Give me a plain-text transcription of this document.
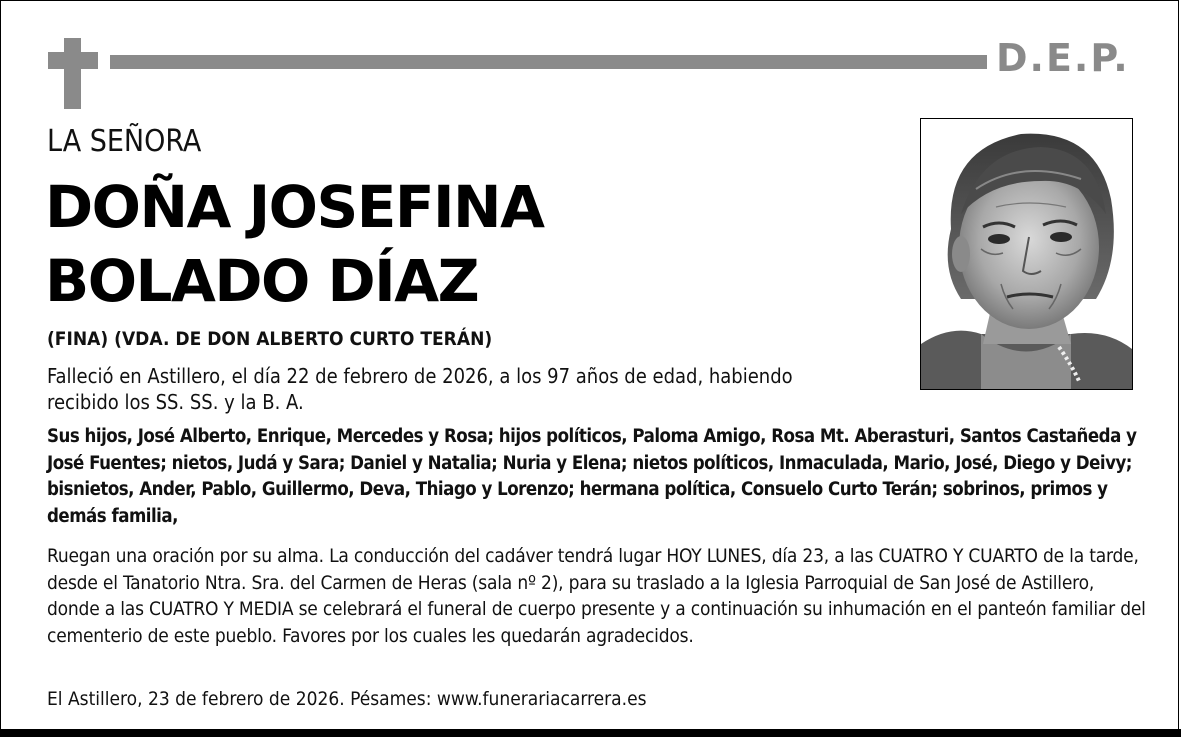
D.E.P.
LA SEÑORA
DOÑA JOSEFINA
BOLADO DÍAZ
(FINA) (VDA. DE DON ALBERTO CURTO TERÁN)
Falleció en Astillero, el día 22 de febrero de 2026, a los 97 años de edad, habiendo recibido los SS. SS. y la B. A.
Sus hijos, José Alberto, Enrique, Mercedes y Rosa; hijos políticos, Paloma Amigo, Rosa Mt. Aberasturi, Santos Castañeda y José Fuentes; nietos, Judá y Sara; Daniel y Natalia; Nuria y Elena; nietos políticos, Inmaculada, Mario, José, Diego y Deivy; bisnietos, Ander, Pablo, Guillermo, Deva, Thiago y Lorenzo; hermana política, Consuelo Curto Terán; sobrinos, primos y demás familia,
Ruegan una oración por su alma. La conducción del cadáver tendrá lugar HOY LUNES, día 23, a las CUATRO Y CUARTO de la tarde, desde el Tanatorio Ntra. Sra. del Carmen de Heras (sala nº 2), para su traslado a la Iglesia Parroquial de San José de Astillero, donde a las CUATRO Y MEDIA se celebrará el funeral de cuerpo presente y a continuación su inhumación en el panteón familiar del cementerio de este pueblo. Favores por los cuales les quedarán agradecidos.
El Astillero, 23 de febrero de 2026. Pésames: www.funerariacarrera.es
